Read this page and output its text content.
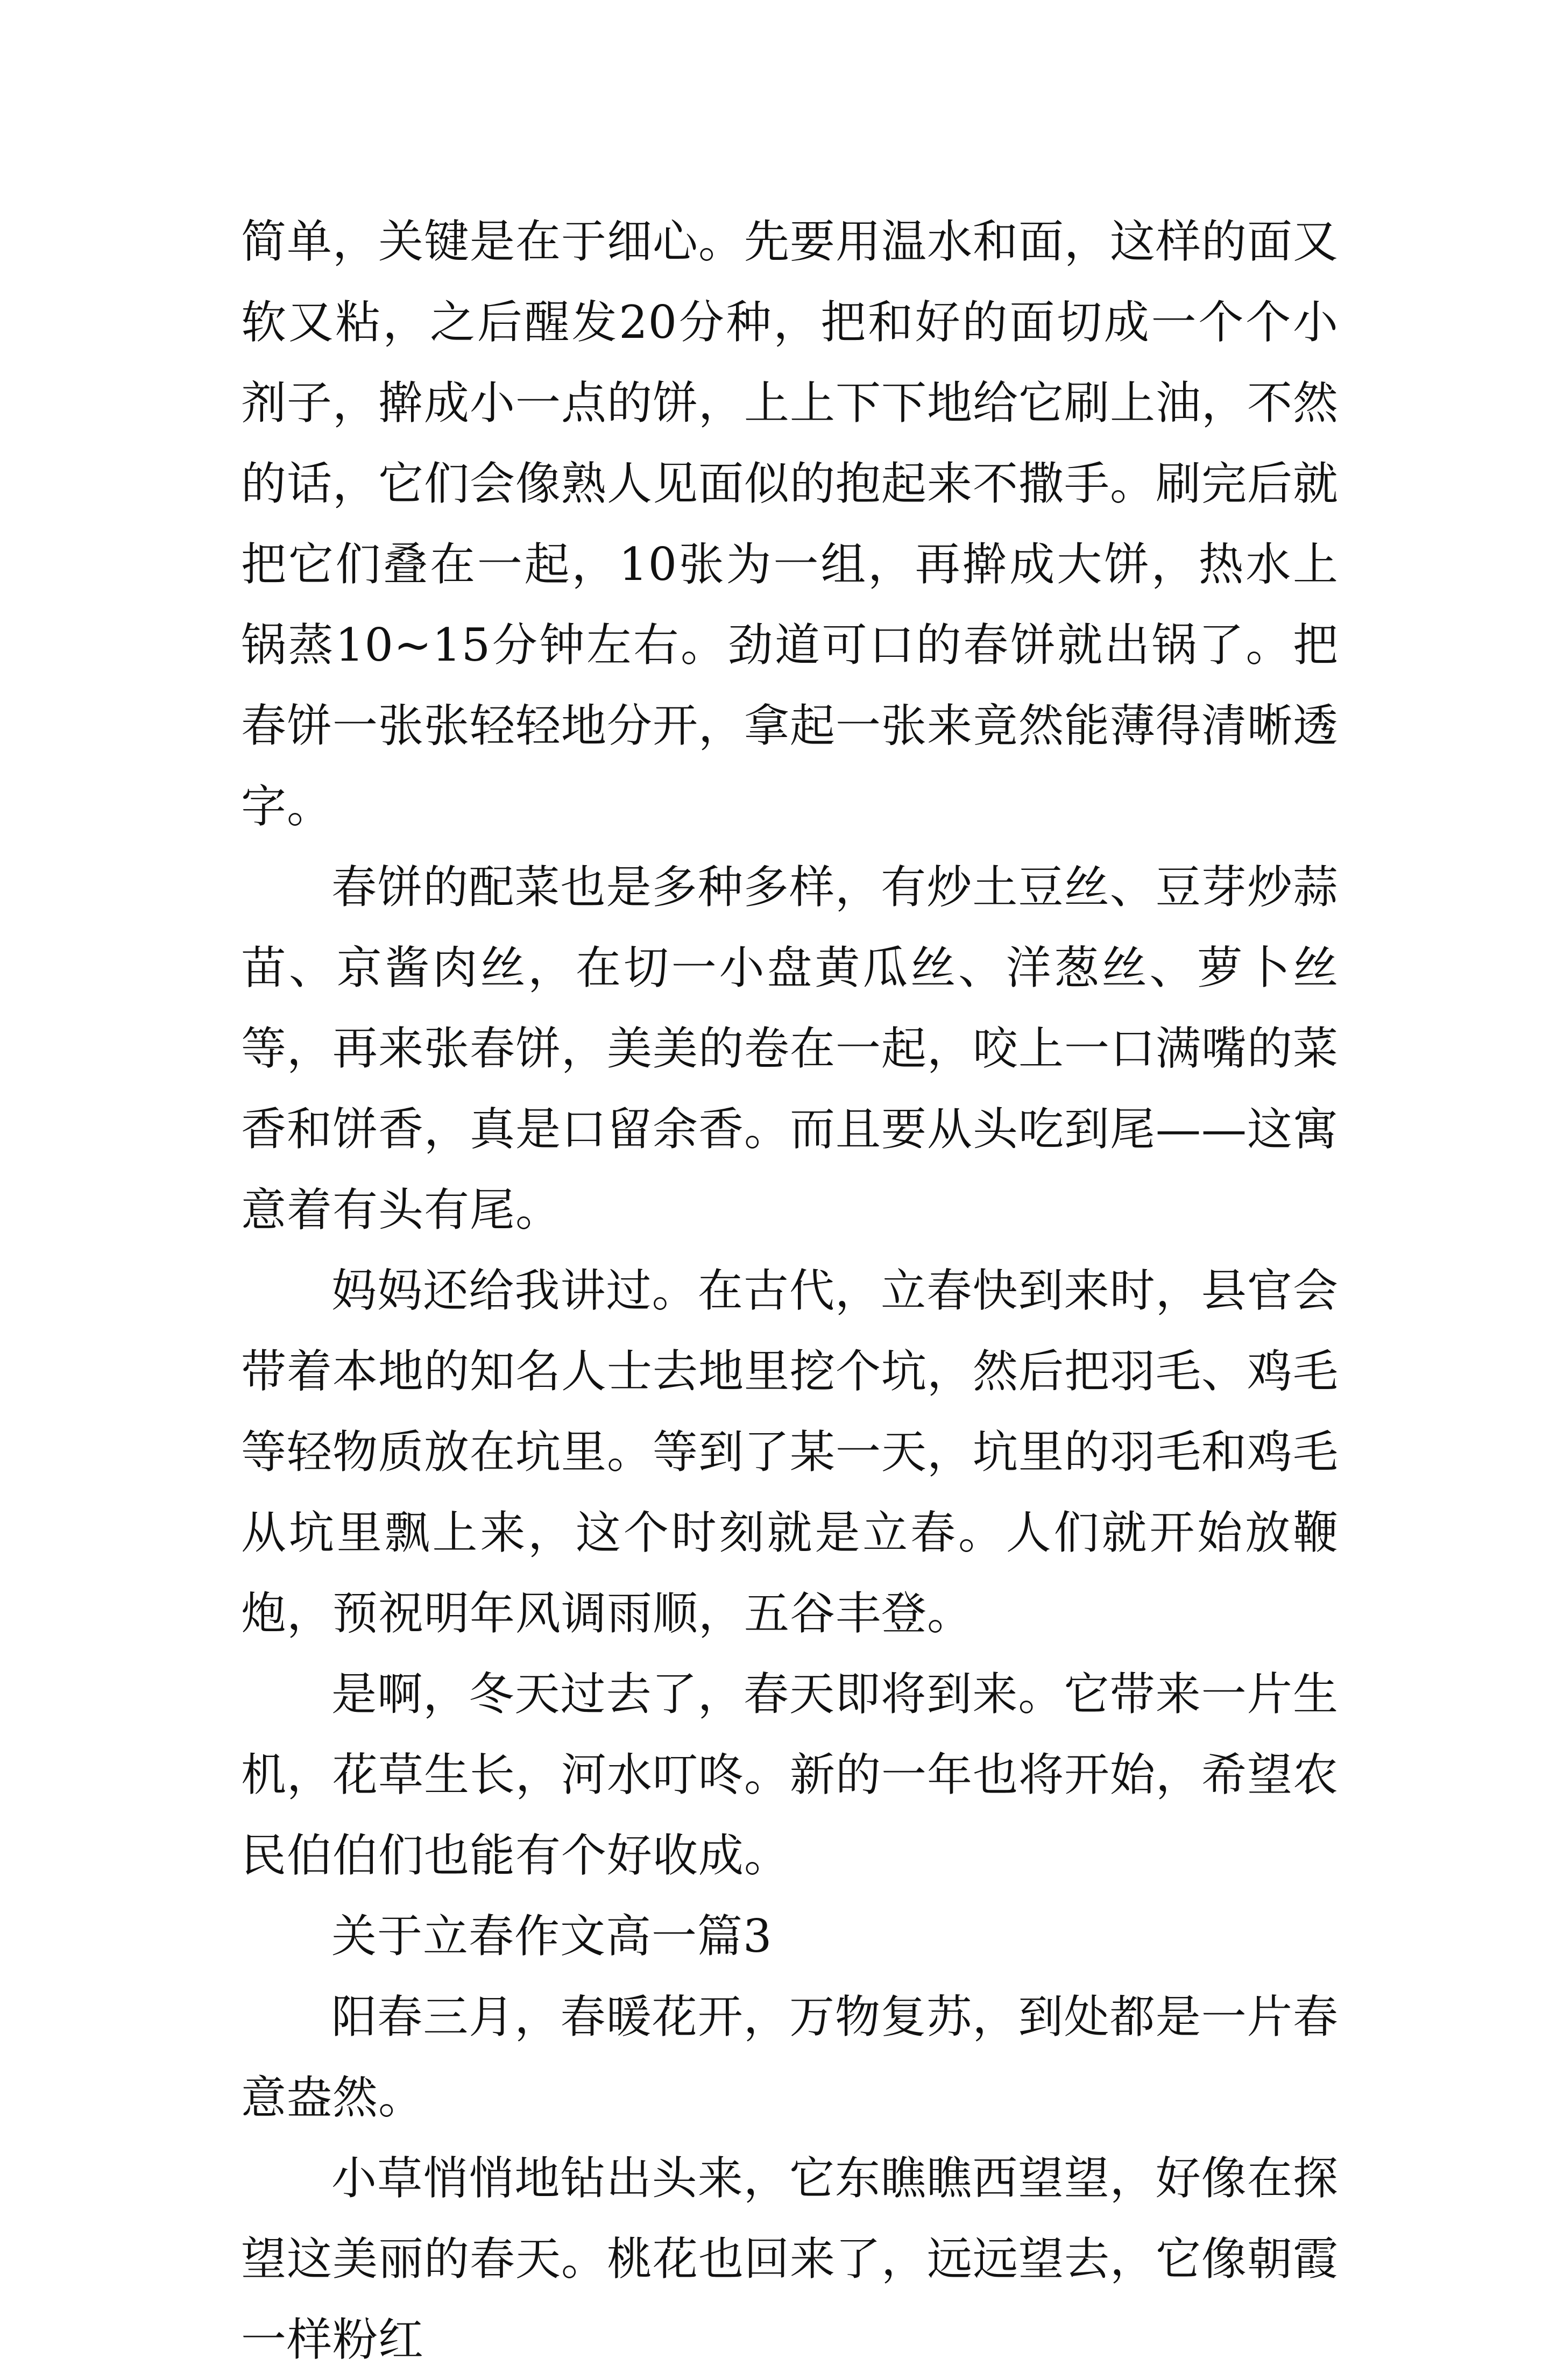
简单，关键是在于细心。先要用温水和面，这样的面又软又粘，之后醒发20分种，把和好的面切成一个个小剂子，擀成小一点的饼，上上下下地给它刷上油，不然的话，它们会像熟人见面似的抱起来不撒手。刷完后就把它们叠在一起，10张为一组，再擀成大饼，热水上锅蒸10~15分钟左右。劲道可口的春饼就出锅了。把春饼一张张轻轻地分开，拿起一张来竟然能薄得清晰透字。

春饼的配菜也是多种多样，有炒土豆丝、豆芽炒蒜苗、京酱肉丝，在切一小盘黄瓜丝、洋葱丝、萝卜丝等，再来张春饼，美美的卷在一起，咬上一口满嘴的菜香和饼香，真是口留余香。而且要从头吃到尾——这寓意着有头有尾。

妈妈还给我讲过。在古代，立春快到来时，县官会带着本地的知名人士去地里挖个坑，然后把羽毛、鸡毛等轻物质放在坑里。等到了某一天，坑里的羽毛和鸡毛从坑里飘上来，这个时刻就是立春。人们就开始放鞭炮，预祝明年风调雨顺，五谷丰登。

是啊，冬天过去了，春天即将到来。它带来一片生机，花草生长，河水叮咚。新的一年也将开始，希望农民伯伯们也能有个好收成。

关于立春作文高一篇3

阳春三月，春暖花开，万物复苏，到处都是一片春意盎然。

小草悄悄地钻出头来，它东瞧瞧西望望，好像在探望这美丽的春天。桃花也回来了，远远望去，它像朝霞一样粉红
